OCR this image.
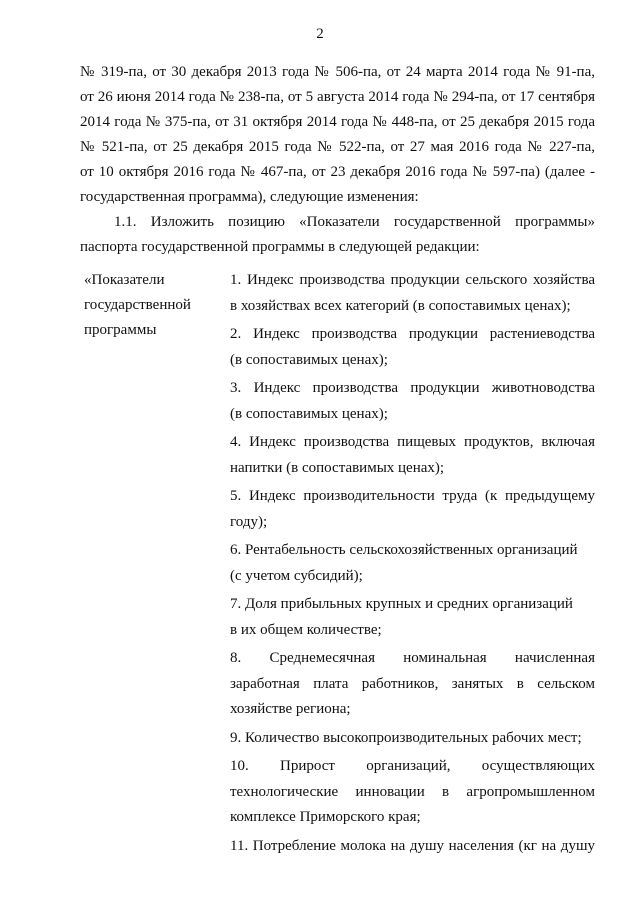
2
№ 319-па, от 30 декабря 2013 года № 506-па, от 24 марта 2014 года № 91-па,
от 26 июня 2014 года № 238-па, от 5 августа 2014 года № 294-па, от 17 сентября
2014 года № 375-па, от 31 октября 2014 года № 448-па, от 25 декабря 2015 года
№ 521-па, от 25 декабря 2015 года № 522-па, от 27 мая 2016 года № 227-па,
от 10 октября 2016 года № 467-па, от 23 декабря 2016 года № 597-па) (далее -
государственная программа), следующие изменения:
1.1. Изложить позицию «Показатели государственной программы»
паспорта государственной программы в следующей редакции:
«Показатели
государственной
программы
1. Индекс производства продукции сельского хозяйства
в хозяйствах всех категорий (в сопоставимых ценах);
2. Индекс производства продукции растениеводства
(в сопоставимых ценах);
3. Индекс производства продукции животноводства
(в сопоставимых ценах);
4. Индекс производства пищевых продуктов, включая
напитки (в сопоставимых ценах);
5. Индекс производительности труда (к предыдущему
году);
6. Рентабельность сельскохозяйственных организаций
(с учетом субсидий);
7. Доля прибыльных крупных и средних организаций
в их общем количестве;
8. Среднемесячная номинальная начисленная
заработная плата работников, занятых в сельском
хозяйстве региона;
9. Количество высокопроизводительных рабочих мест;
10. Прирост организаций, осуществляющих
технологические инновации в агропромышленном
комплексе Приморского края;
11. Потребление молока на душу населения (кг на душу
